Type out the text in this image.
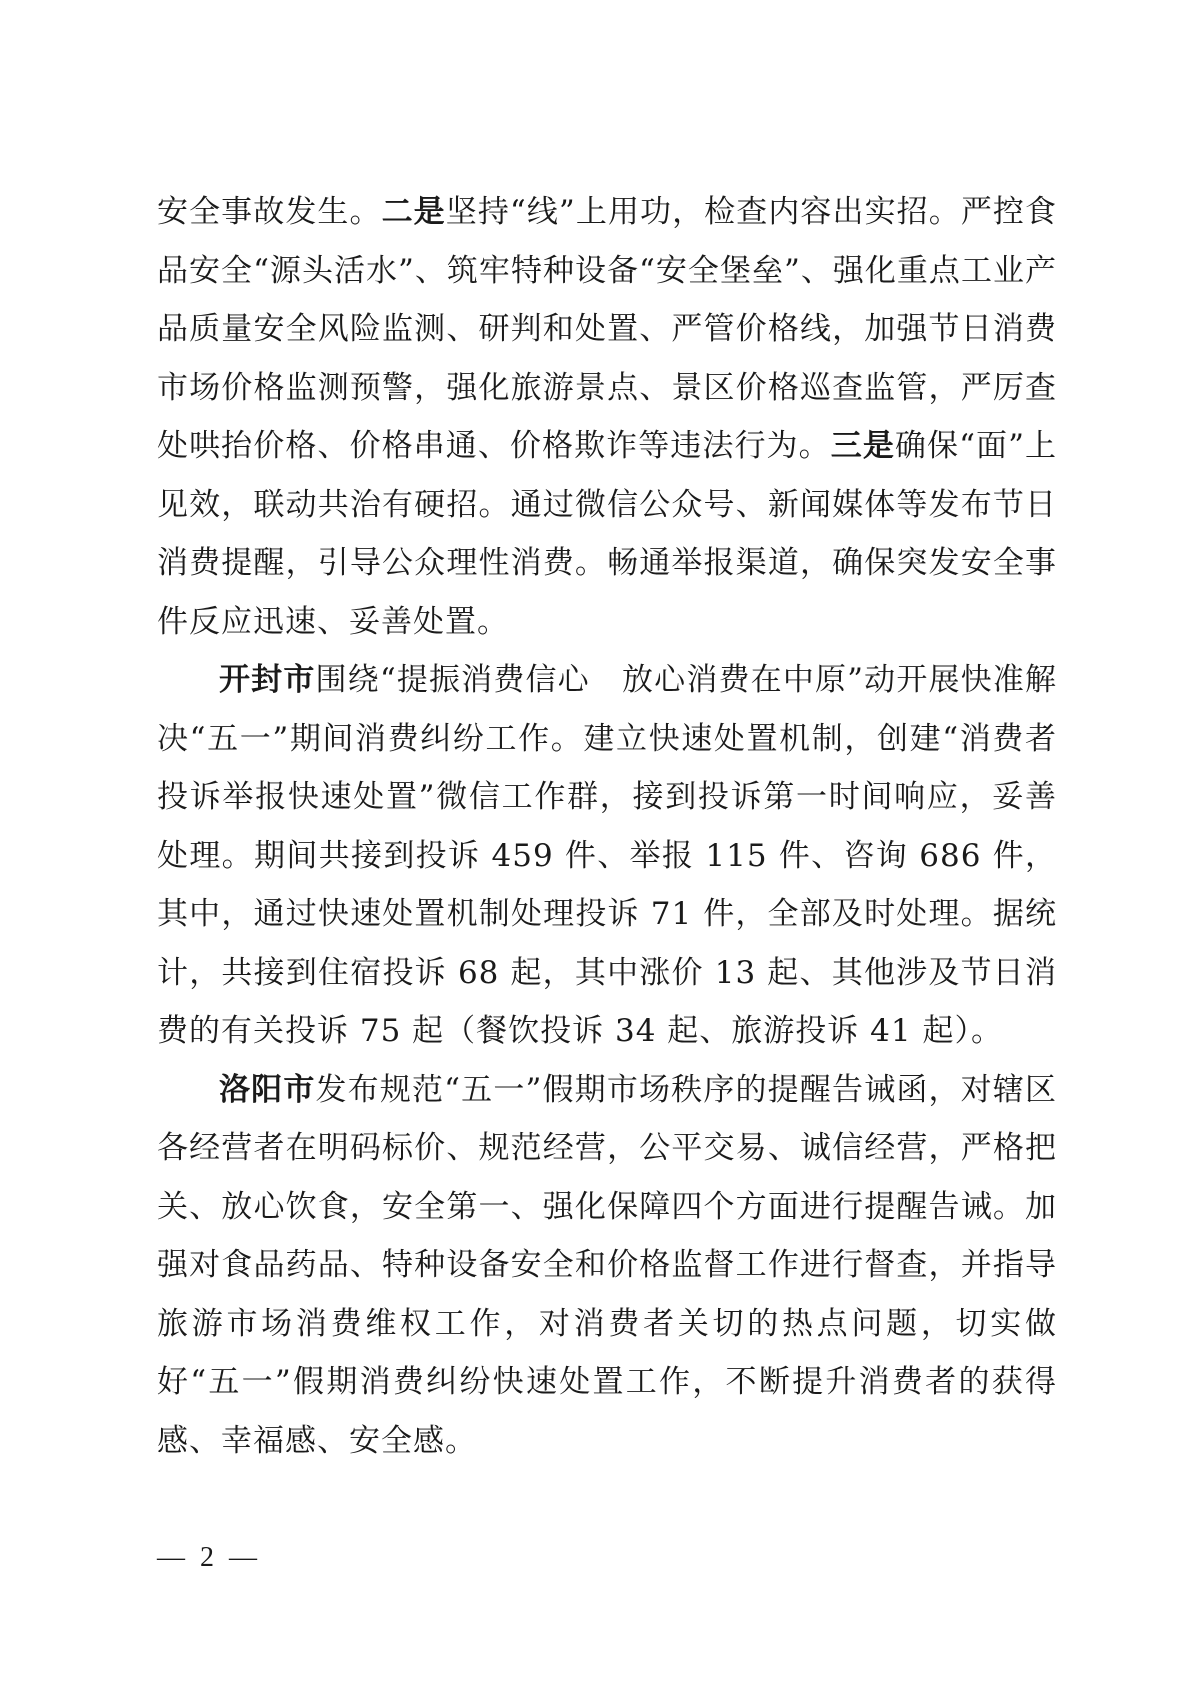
安全事故发生。二是坚持“线”上用功，检查内容出实招。严控食品安全“源头活水”、筑牢特种设备“安全堡垒”、强化重点工业产品质量安全风险监测、研判和处置、严管价格线，加强节日消费市场价格监测预警，强化旅游景点、景区价格巡查监管，严厉查处哄抬价格、价格串通、价格欺诈等违法行为。三是确保“面”上见效，联动共治有硬招。通过微信公众号、新闻媒体等发布节日消费提醒，引导公众理性消费。畅通举报渠道，确保突发安全事件反应迅速、妥善处置。

开封市围绕“提振消费信心　放心消费在中原”动开展快准解决“五一”期间消费纠纷工作。建立快速处置机制，创建“消费者投诉举报快速处置”微信工作群，接到投诉第一时间响应，妥善处理。期间共接到投诉 459 件、举报 115 件、咨询 686 件，其中，通过快速处置机制处理投诉 71 件，全部及时处理。据统计，共接到住宿投诉 68 起，其中涨价 13 起、其他涉及节日消费的有关投诉 75 起（餐饮投诉 34 起、旅游投诉 41 起）。

洛阳市发布规范“五一”假期市场秩序的提醒告诫函，对辖区各经营者在明码标价、规范经营，公平交易、诚信经营，严格把关、放心饮食，安全第一、强化保障四个方面进行提醒告诫。加强对食品药品、特种设备安全和价格监督工作进行督查，并指导旅游市场消费维权工作，对消费者关切的热点问题，切实做好“五一”假期消费纠纷快速处置工作，不断提升消费者的获得感、幸福感、安全感。

— 2 —
